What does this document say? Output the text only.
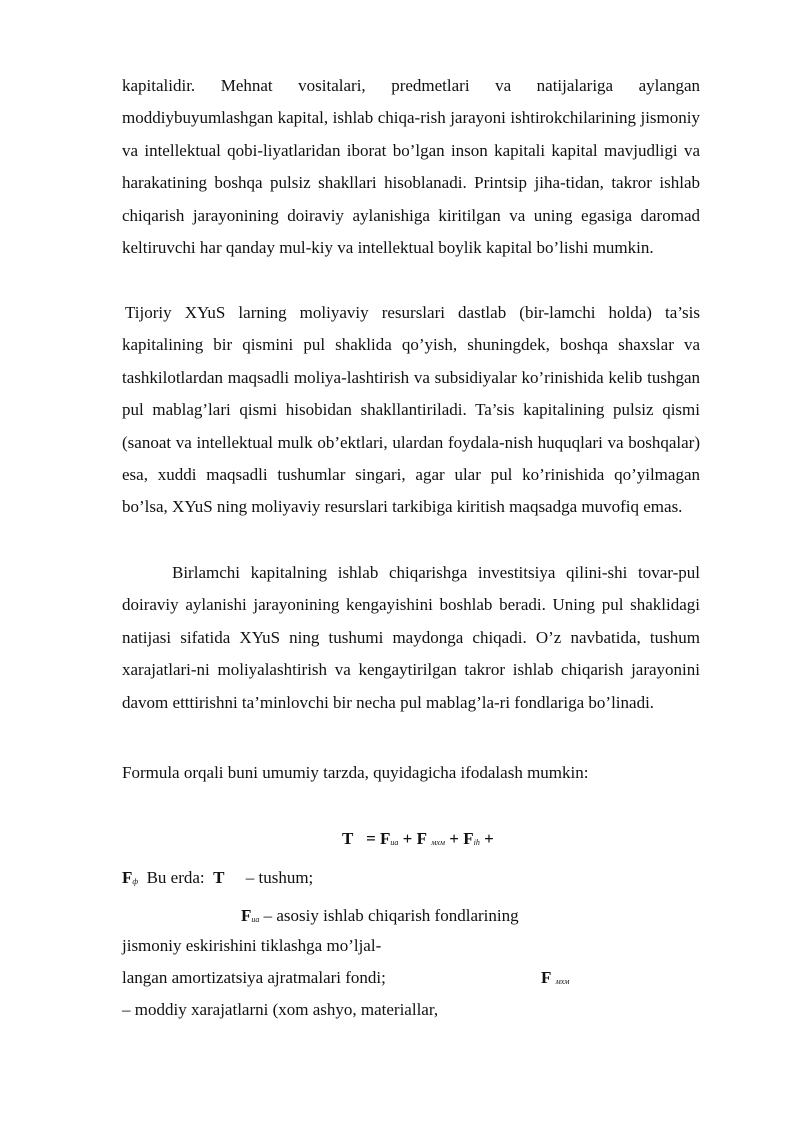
kapitalidir. Mehnat vositalari, predmetlari va natijalariga aylangan moddiybuyumlashgan kapital, ishlab chiqa-rish jarayoni ishtirokchilarining jismoniy va intellektual qobi-liyatlaridan iborat bo’lgan inson kapitali kapital mavjudligi va harakatining boshqa pulsiz shakllari hisoblanadi. Printsip jiha-tidan, takror ishlab chiqarish jarayonining doiraviy aylanishiga kiritilgan va uning egasiga daromad keltiruvchi har qanday mul-kiy va intellektual boylik kapital bo’lishi mumkin.

Tijoriy XYuS larning moliyaviy resurslari dastlab (bir-lamchi holda) ta’sis kapitalining bir qismini pul shaklida qo’yish, shuningdek, boshqa shaxslar va tashkilotlardan maqsadli moliya-lashtirish va subsidiyalar ko’rinishida kelib tushgan pul mablag’lari qismi hisobidan shakllantiriladi. Ta’sis kapitalining pulsiz qismi (sanoat va intellektual mulk ob’ektlari, ulardan foydala-nish huquqlari va boshqalar) esa, xuddi maqsadli tushumlar singari, agar ular pul ko’rinishida qo’yilmagan bo’lsa, XYuS ning moliyaviy resurslari tarkibiga kiritish maqsadga muvofiq emas.

Birlamchi kapitalning ishlab chiqarishga investitsiya qilini-shi tovar-pul doiraviy aylanishi jarayonining kengayishini boshlab beradi. Uning pul shaklidagi natijasi sifatida XYuS ning tushumi maydonga chiqadi. O’z navbatida, tushum xarajatlari-ni moliyalashtirish va kengaytirilgan takror ishlab chiqarish jarayonini davom etttirishni ta’minlovchi bir necha pul mablag’la-ri fondlariga bo’linadi.

Formula orqali buni umumiy tarzda, quyidagicha ifodalash mumkin:

T = Fиа + F мхм + Fih +
Fф Bu erda: T – tushum;
Fиа – asosiy ishlab chiqarish fondlarining

jismoniy eskirishini tiklashga mo’ljal-

langan amortizatsiya ajratmalari fondi;	F мхм

– moddiy xarajatlarni (xom ashyo, materiallar,
